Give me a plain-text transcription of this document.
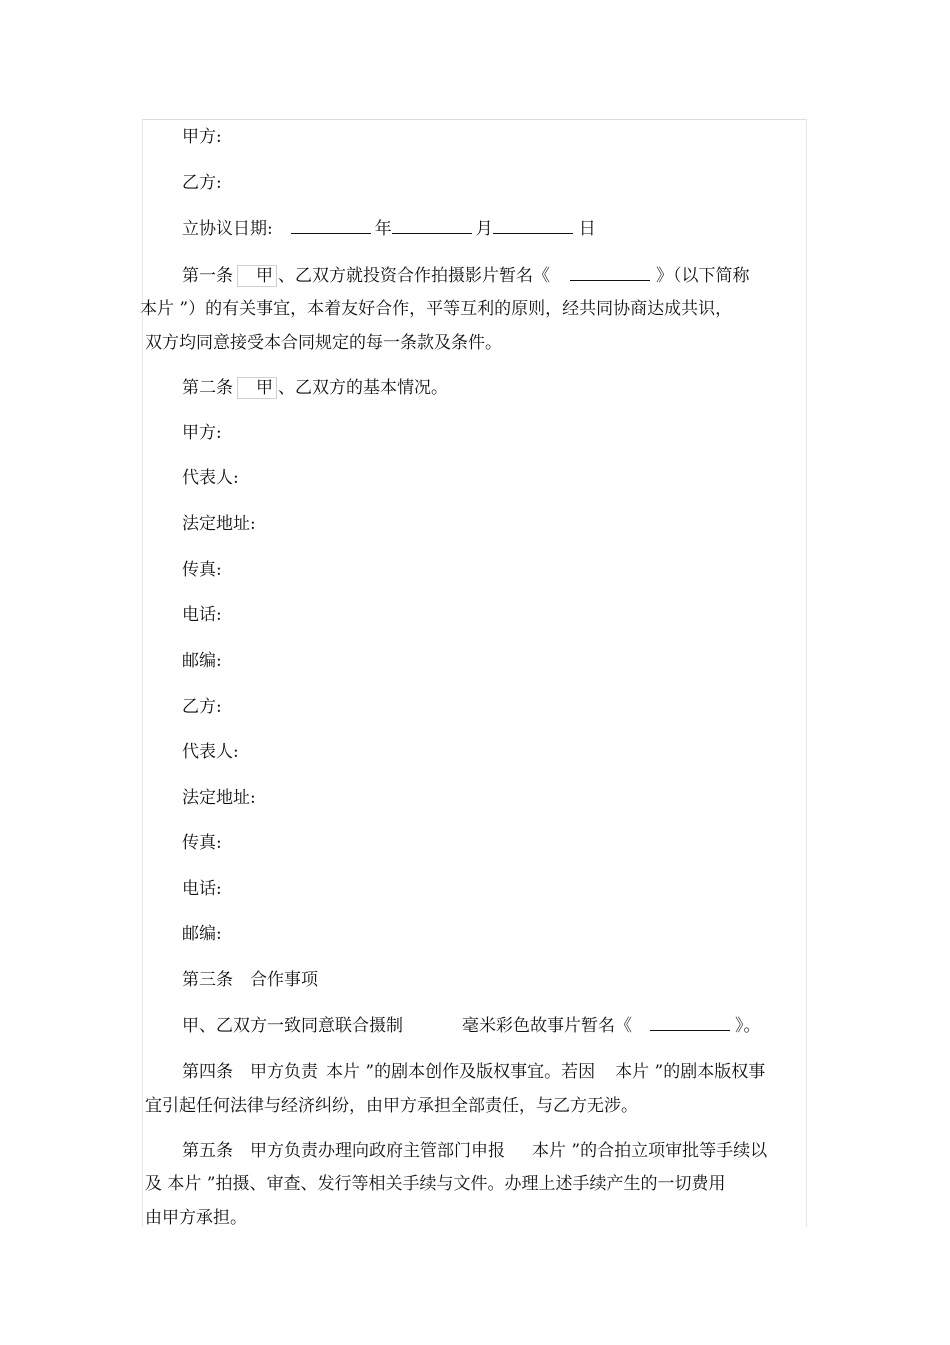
甲方:
乙方:
立协议日期:	年	月	日
第一条 甲 、乙双方就投资合作拍摄影片暂名《	》（以下简称
本片 ”）的有关事宜，本着友好合作，平等互利的原则，经共同协商达成共识，
双方均同意接受本合同规定的每一条款及条件。
第二条 甲 、乙双方的基本情况。
甲方:
代表人:
法定地址:
传真:
电话:
邮编:
乙方:
代表人:
法定地址:
传真:
电话:
邮编:
第三条 合作事项
甲、乙双方一致同意联合摄制	毫米彩色故事片暂名《	》。
第四条 甲方负责 本片 ”的剧本创作及版权事宜。若因 本片 ”的剧本版权事
宜引起任何法律与经济纠纷，由甲方承担全部责任，与乙方无涉。
第五条 甲方负责办理向政府主管部门申报 本片 ”的合拍立项审批等手续以
及 本片 ”拍摄、审查、发行等相关手续与文件。办理上述手续产生的一切费用
由甲方承担。
